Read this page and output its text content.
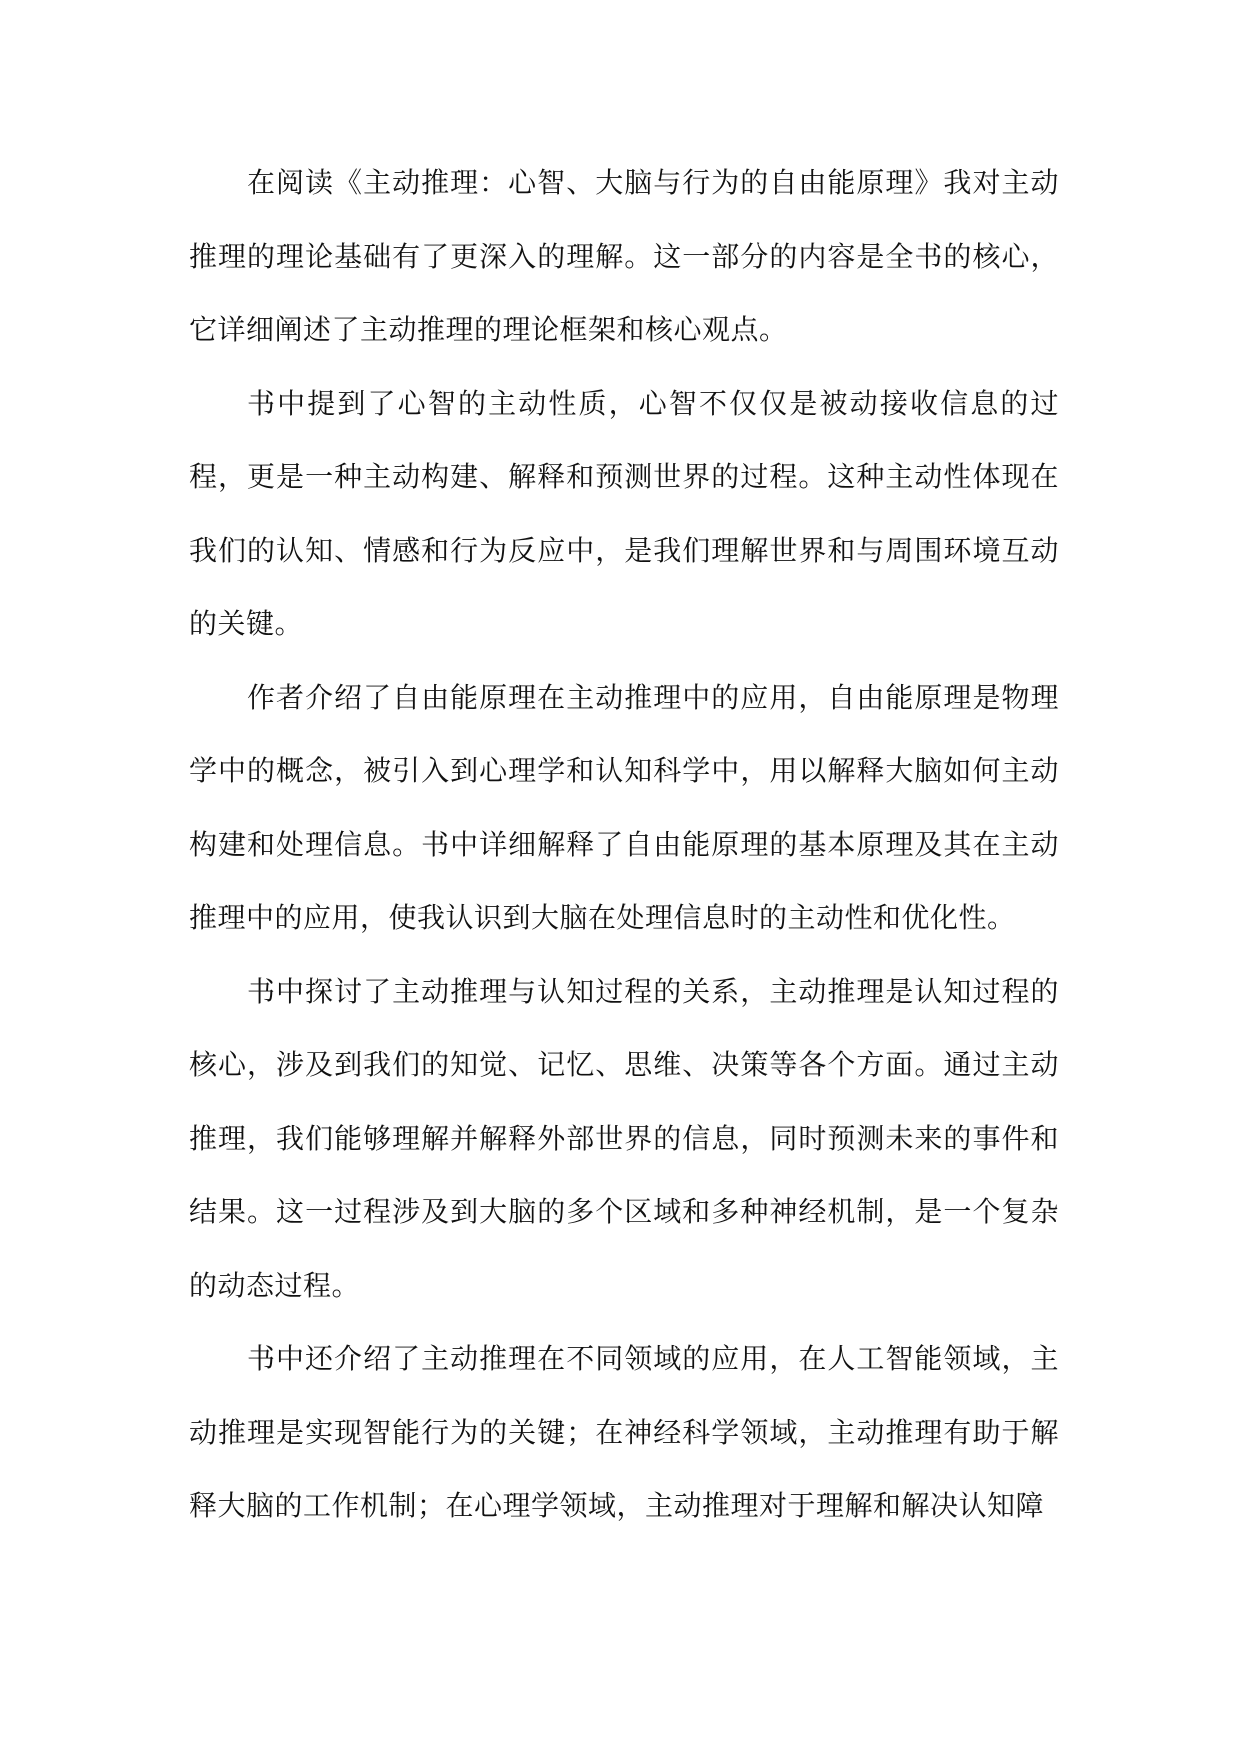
在阅读《主动推理：心智、大脑与行为的自由能原理》我对主动推理的理论基础有了更深入的理解。这一部分的内容是全书的核心，它详细阐述了主动推理的理论框架和核心观点。

书中提到了心智的主动性质，心智不仅仅是被动接收信息的过程，更是一种主动构建、解释和预测世界的过程。这种主动性体现在我们的认知、情感和行为反应中，是我们理解世界和与周围环境互动的关键。

作者介绍了自由能原理在主动推理中的应用，自由能原理是物理学中的概念，被引入到心理学和认知科学中，用以解释大脑如何主动构建和处理信息。书中详细解释了自由能原理的基本原理及其在主动推理中的应用，使我认识到大脑在处理信息时的主动性和优化性。

书中探讨了主动推理与认知过程的关系，主动推理是认知过程的核心，涉及到我们的知觉、记忆、思维、决策等各个方面。通过主动推理，我们能够理解并解释外部世界的信息，同时预测未来的事件和结果。这一过程涉及到大脑的多个区域和多种神经机制，是一个复杂的动态过程。

书中还介绍了主动推理在不同领域的应用，在人工智能领域，主动推理是实现智能行为的关键；在神经科学领域，主动推理有助于解释大脑的工作机制；在心理学领域，主动推理对于理解和解决认知障
